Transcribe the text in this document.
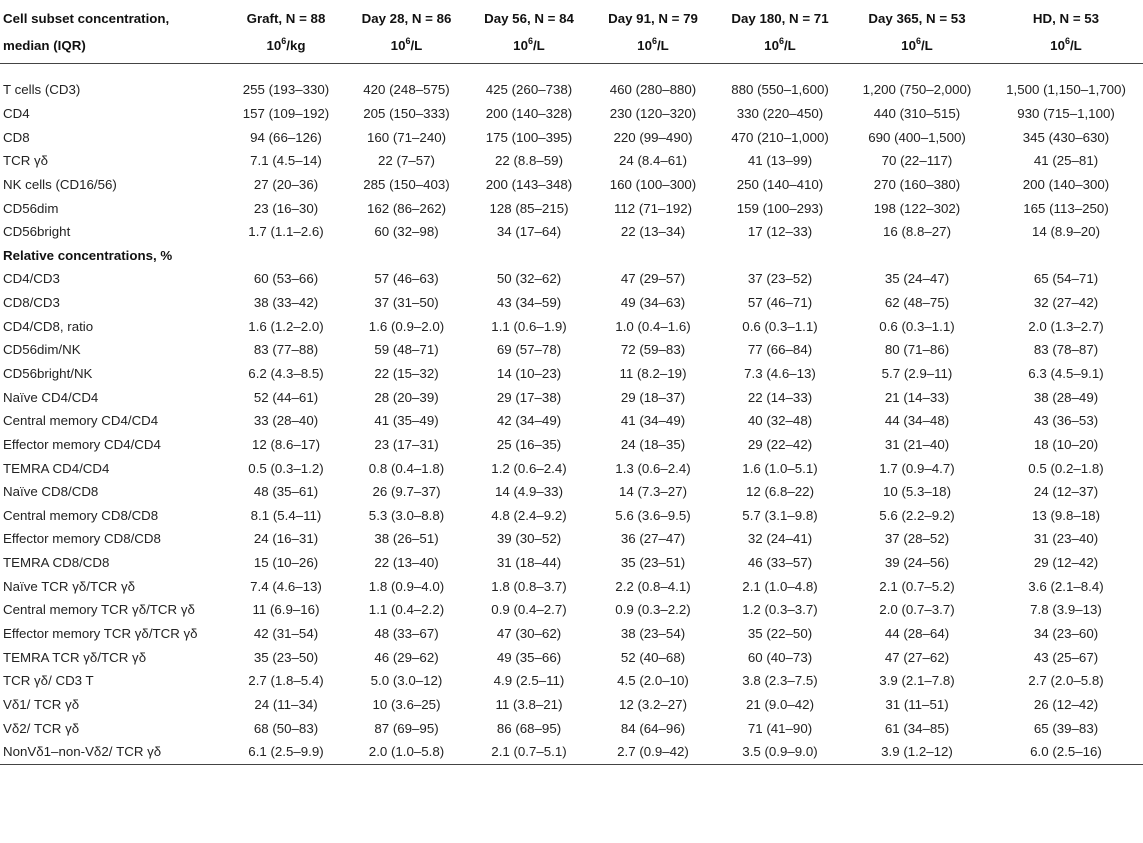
Cell subset concentration,	Graft, N = 88	Day 28, N = 86	Day 56, N = 84	Day 91, N = 79	Day 180, N = 71	Day 365, N = 53	HD, N = 53
median (IQR)	$10^6/kg$	$10^6/L$	$10^6/L$	$10^6/L$	$10^6/L$	$10^6/L$	$10^6/L$

T cells (CD3)	255 (193–330)	420 (248–575)	425 (260–738)	460 (280–880)	880 (550–1,600)	1,200 (750–2,000)	1,500 (1,150–1,700)
CD4	157 (109–192)	205 (150–333)	200 (140–328)	230 (120–320)	330 (220–450)	440 (310–515)	930 (715–1,100)
CD8	94 (66–126)	160 (71–240)	175 (100–395)	220 (99–490)	470 (210–1,000)	690 (400–1,500)	345 (430–630)
TCR γδ	7.1 (4.5–14)	22 (7–57)	22 (8.8–59)	24 (8.4–61)	41 (13–99)	70 (22–117)	41 (25–81)
NK cells (CD16/56)	27 (20–36)	285 (150–403)	200 (143–348)	160 (100–300)	250 (140–410)	270 (160–380)	200 (140–300)
CD56dim	23 (16–30)	162 (86–262)	128 (85–215)	112 (71–192)	159 (100–293)	198 (122–302)	165 (113–250)
CD56bright	1.7 (1.1–2.6)	60 (32–98)	34 (17–64)	22 (13–34)	17 (12–33)	16 (8.8–27)	14 (8.9–20)
Relative concentrations, %							
CD4/CD3	60 (53–66)	57 (46–63)	50 (32–62)	47 (29–57)	37 (23–52)	35 (24–47)	65 (54–71)
CD8/CD3	38 (33–42)	37 (31–50)	43 (34–59)	49 (34–63)	57 (46–71)	62 (48–75)	32 (27–42)
CD4/CD8, ratio	1.6 (1.2–2.0)	1.6 (0.9–2.0)	1.1 (0.6–1.9)	1.0 (0.4–1.6)	0.6 (0.3–1.1)	0.6 (0.3–1.1)	2.0 (1.3–2.7)
CD56dim/NK	83 (77–88)	59 (48–71)	69 (57–78)	72 (59–83)	77 (66–84)	80 (71–86)	83 (78–87)
CD56bright/NK	6.2 (4.3–8.5)	22 (15–32)	14 (10–23)	11 (8.2–19)	7.3 (4.6–13)	5.7 (2.9–11)	6.3 (4.5–9.1)
Naïve CD4/CD4	52 (44–61)	28 (20–39)	29 (17–38)	29 (18–37)	22 (14–33)	21 (14–33)	38 (28–49)
Central memory CD4/CD4	33 (28–40)	41 (35–49)	42 (34–49)	41 (34–49)	40 (32–48)	44 (34–48)	43 (36–53)
Effector memory CD4/CD4	12 (8.6–17)	23 (17–31)	25 (16–35)	24 (18–35)	29 (22–42)	31 (21–40)	18 (10–20)
TEMRA CD4/CD4	0.5 (0.3–1.2)	0.8 (0.4–1.8)	1.2 (0.6–2.4)	1.3 (0.6–2.4)	1.6 (1.0–5.1)	1.7 (0.9–4.7)	0.5 (0.2–1.8)
Naïve CD8/CD8	48 (35–61)	26 (9.7–37)	14 (4.9–33)	14 (7.3–27)	12 (6.8–22)	10 (5.3–18)	24 (12–37)
Central memory CD8/CD8	8.1 (5.4–11)	5.3 (3.0–8.8)	4.8 (2.4–9.2)	5.6 (3.6–9.5)	5.7 (3.1–9.8)	5.6 (2.2–9.2)	13 (9.8–18)
Effector memory CD8/CD8	24 (16–31)	38 (26–51)	39 (30–52)	36 (27–47)	32 (24–41)	37 (28–52)	31 (23–40)
TEMRA CD8/CD8	15 (10–26)	22 (13–40)	31 (18–44)	35 (23–51)	46 (33–57)	39 (24–56)	29 (12–42)
Naïve TCR γδ/TCR γδ	7.4 (4.6–13)	1.8 (0.9–4.0)	1.8 (0.8–3.7)	2.2 (0.8–4.1)	2.1 (1.0–4.8)	2.1 (0.7–5.2)	3.6 (2.1–8.4)
Central memory TCR γδ/TCR γδ	11 (6.9–16)	1.1 (0.4–2.2)	0.9 (0.4–2.7)	0.9 (0.3–2.2)	1.2 (0.3–3.7)	2.0 (0.7–3.7)	7.8 (3.9–13)
Effector memory TCR γδ/TCR γδ	42 (31–54)	48 (33–67)	47 (30–62)	38 (23–54)	35 (22–50)	44 (28–64)	34 (23–60)
TEMRA TCR γδ/TCR γδ	35 (23–50)	46 (29–62)	49 (35–66)	52 (40–68)	60 (40–73)	47 (27–62)	43 (25–67)
TCR γδ/ CD3 T	2.7 (1.8–5.4)	5.0 (3.0–12)	4.9 (2.5–11)	4.5 (2.0–10)	3.8 (2.3–7.5)	3.9 (2.1–7.8)	2.7 (2.0–5.8)
Vδ1/ TCR γδ	24 (11–34)	10 (3.6–25)	11 (3.8–21)	12 (3.2–27)	21 (9.0–42)	31 (11–51)	26 (12–42)
Vδ2/ TCR γδ	68 (50–83)	87 (69–95)	86 (68–95)	84 (64–96)	71 (41–90)	61 (34–85)	65 (39–83)
NonVδ1–non-Vδ2/ TCR γδ	6.1 (2.5–9.9)	2.0 (1.0–5.8)	2.1 (0.7–5.1)	2.7 (0.9–42)	3.5 (0.9–9.0)	3.9 (1.2–12)	6.0 (2.5–16)
